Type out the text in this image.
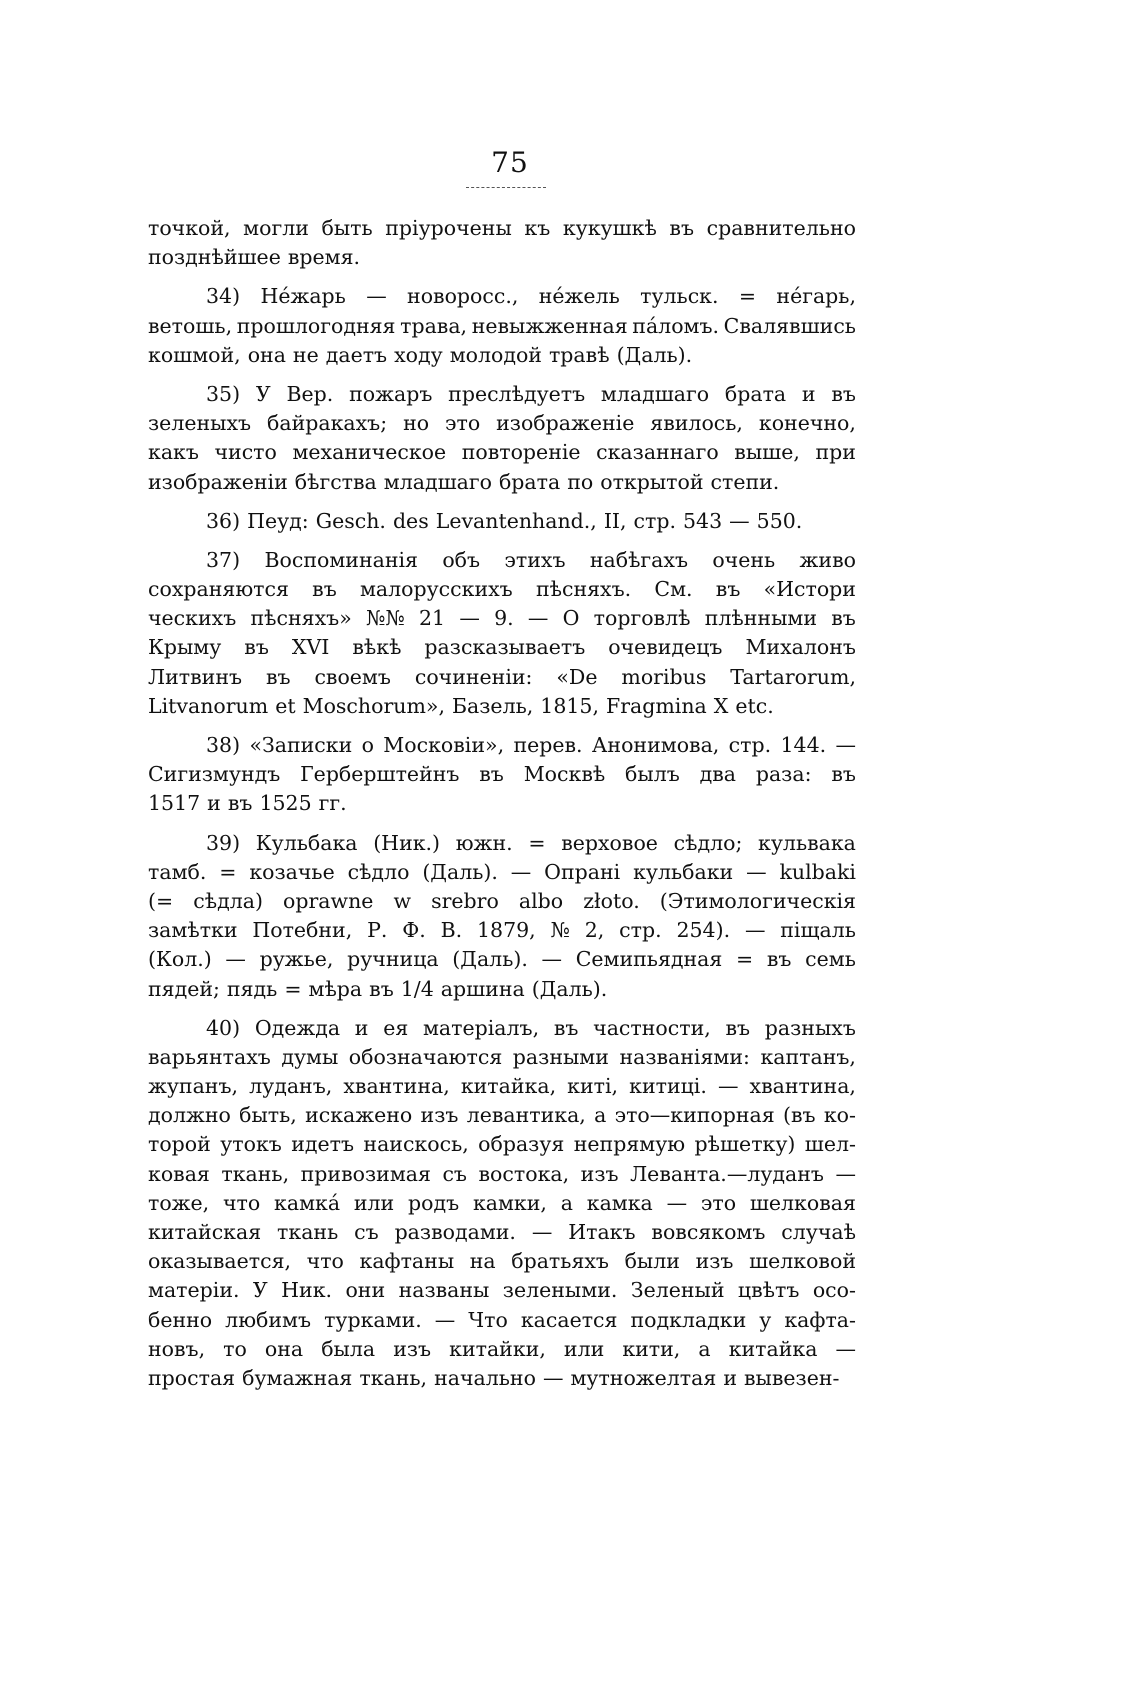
75
точкой, могли быть пріурочены къ кукушкѣ въ сравнительно
позднѣйшее время.
34) Нéжарь — новоросс., нéжель тульск. = нéгарь,
ветошь, прошлогодняя трава, невыжженная пáломъ. Свалявшись
кошмой, она не даетъ ходу молодой травѣ (Даль).
35) У Вер. пожаръ преслѣдуетъ младшаго брата и въ
зеленыхъ байракахъ; но это изображеніе явилось, конечно,
какъ чисто механическое повтореніе сказаннаго выше, при
изображеніи бѣгства младшаго брата по открытой степи.
36) Пеуд: Gesch. des Levantenhand., II, стр. 543 — 550.
37) Воспоминанія объ этихъ набѣгахъ очень живо
сохраняются въ малорусскихъ пѣсняхъ. См. въ «Истори
ческихъ пѣсняхъ» №№ 21 — 9. — О торговлѣ плѣнными въ
Крыму въ XVI вѣкѣ разсказываетъ очевидецъ Михалонъ
Литвинъ въ своемъ сочиненіи: «De moribus Tartarorum,
Litvanorum et Moschorum», Базель, 1815, Fragmina X etc.
38) «Записки о Московіи», перев. Анонимова, стр. 144. —
Сигизмундъ Герберштейнъ въ Москвѣ былъ два раза: въ
1517 и въ 1525 гг.
39) Кульбака (Ник.) южн. = верховое сѣдло; кульвака
тамб. = козачье сѣдло (Даль). — Опрані кульбаки — kulbaki
(= сѣдла) oprawne w srebro albo złoto. (Этимологическія
замѣтки Потебни, Р. Ф. В. 1879, № 2, стр. 254). — піщаль
(Кол.) — ружье, ручница (Даль). — Семипьядная = въ семь
пядей; пядь = мѣра въ 1/4 аршина (Даль).
40) Одежда и ея матеріалъ, въ частности, въ разныхъ
варьянтахъ думы обозначаются разными названіями: каптанъ,
жупанъ, луданъ, хвантина, китайка, киті, китиці. — хвантина,
должно быть, искажено изъ левантика, а это—кипорная (въ ко-
торой утокъ идетъ наискось, образуя непрямую рѣшетку) шел-
ковая ткань, привозимая съ востока, изъ Леванта.—луданъ —
тоже, что камкá или родъ камки, а камка — это шелковая
китайская ткань съ разводами. — Итакъ вовсякомъ случаѣ
оказывается, что кафтаны на братьяхъ были изъ шелковой
матеріи. У Ник. они названы зелеными. Зеленый цвѣтъ осо-
бенно любимъ турками. — Что касается подкладки у кафта-
новъ, то она была изъ китайки, или кити, а китайка —
простая бумажная ткань, начально — мутножелтая и вывезен-
